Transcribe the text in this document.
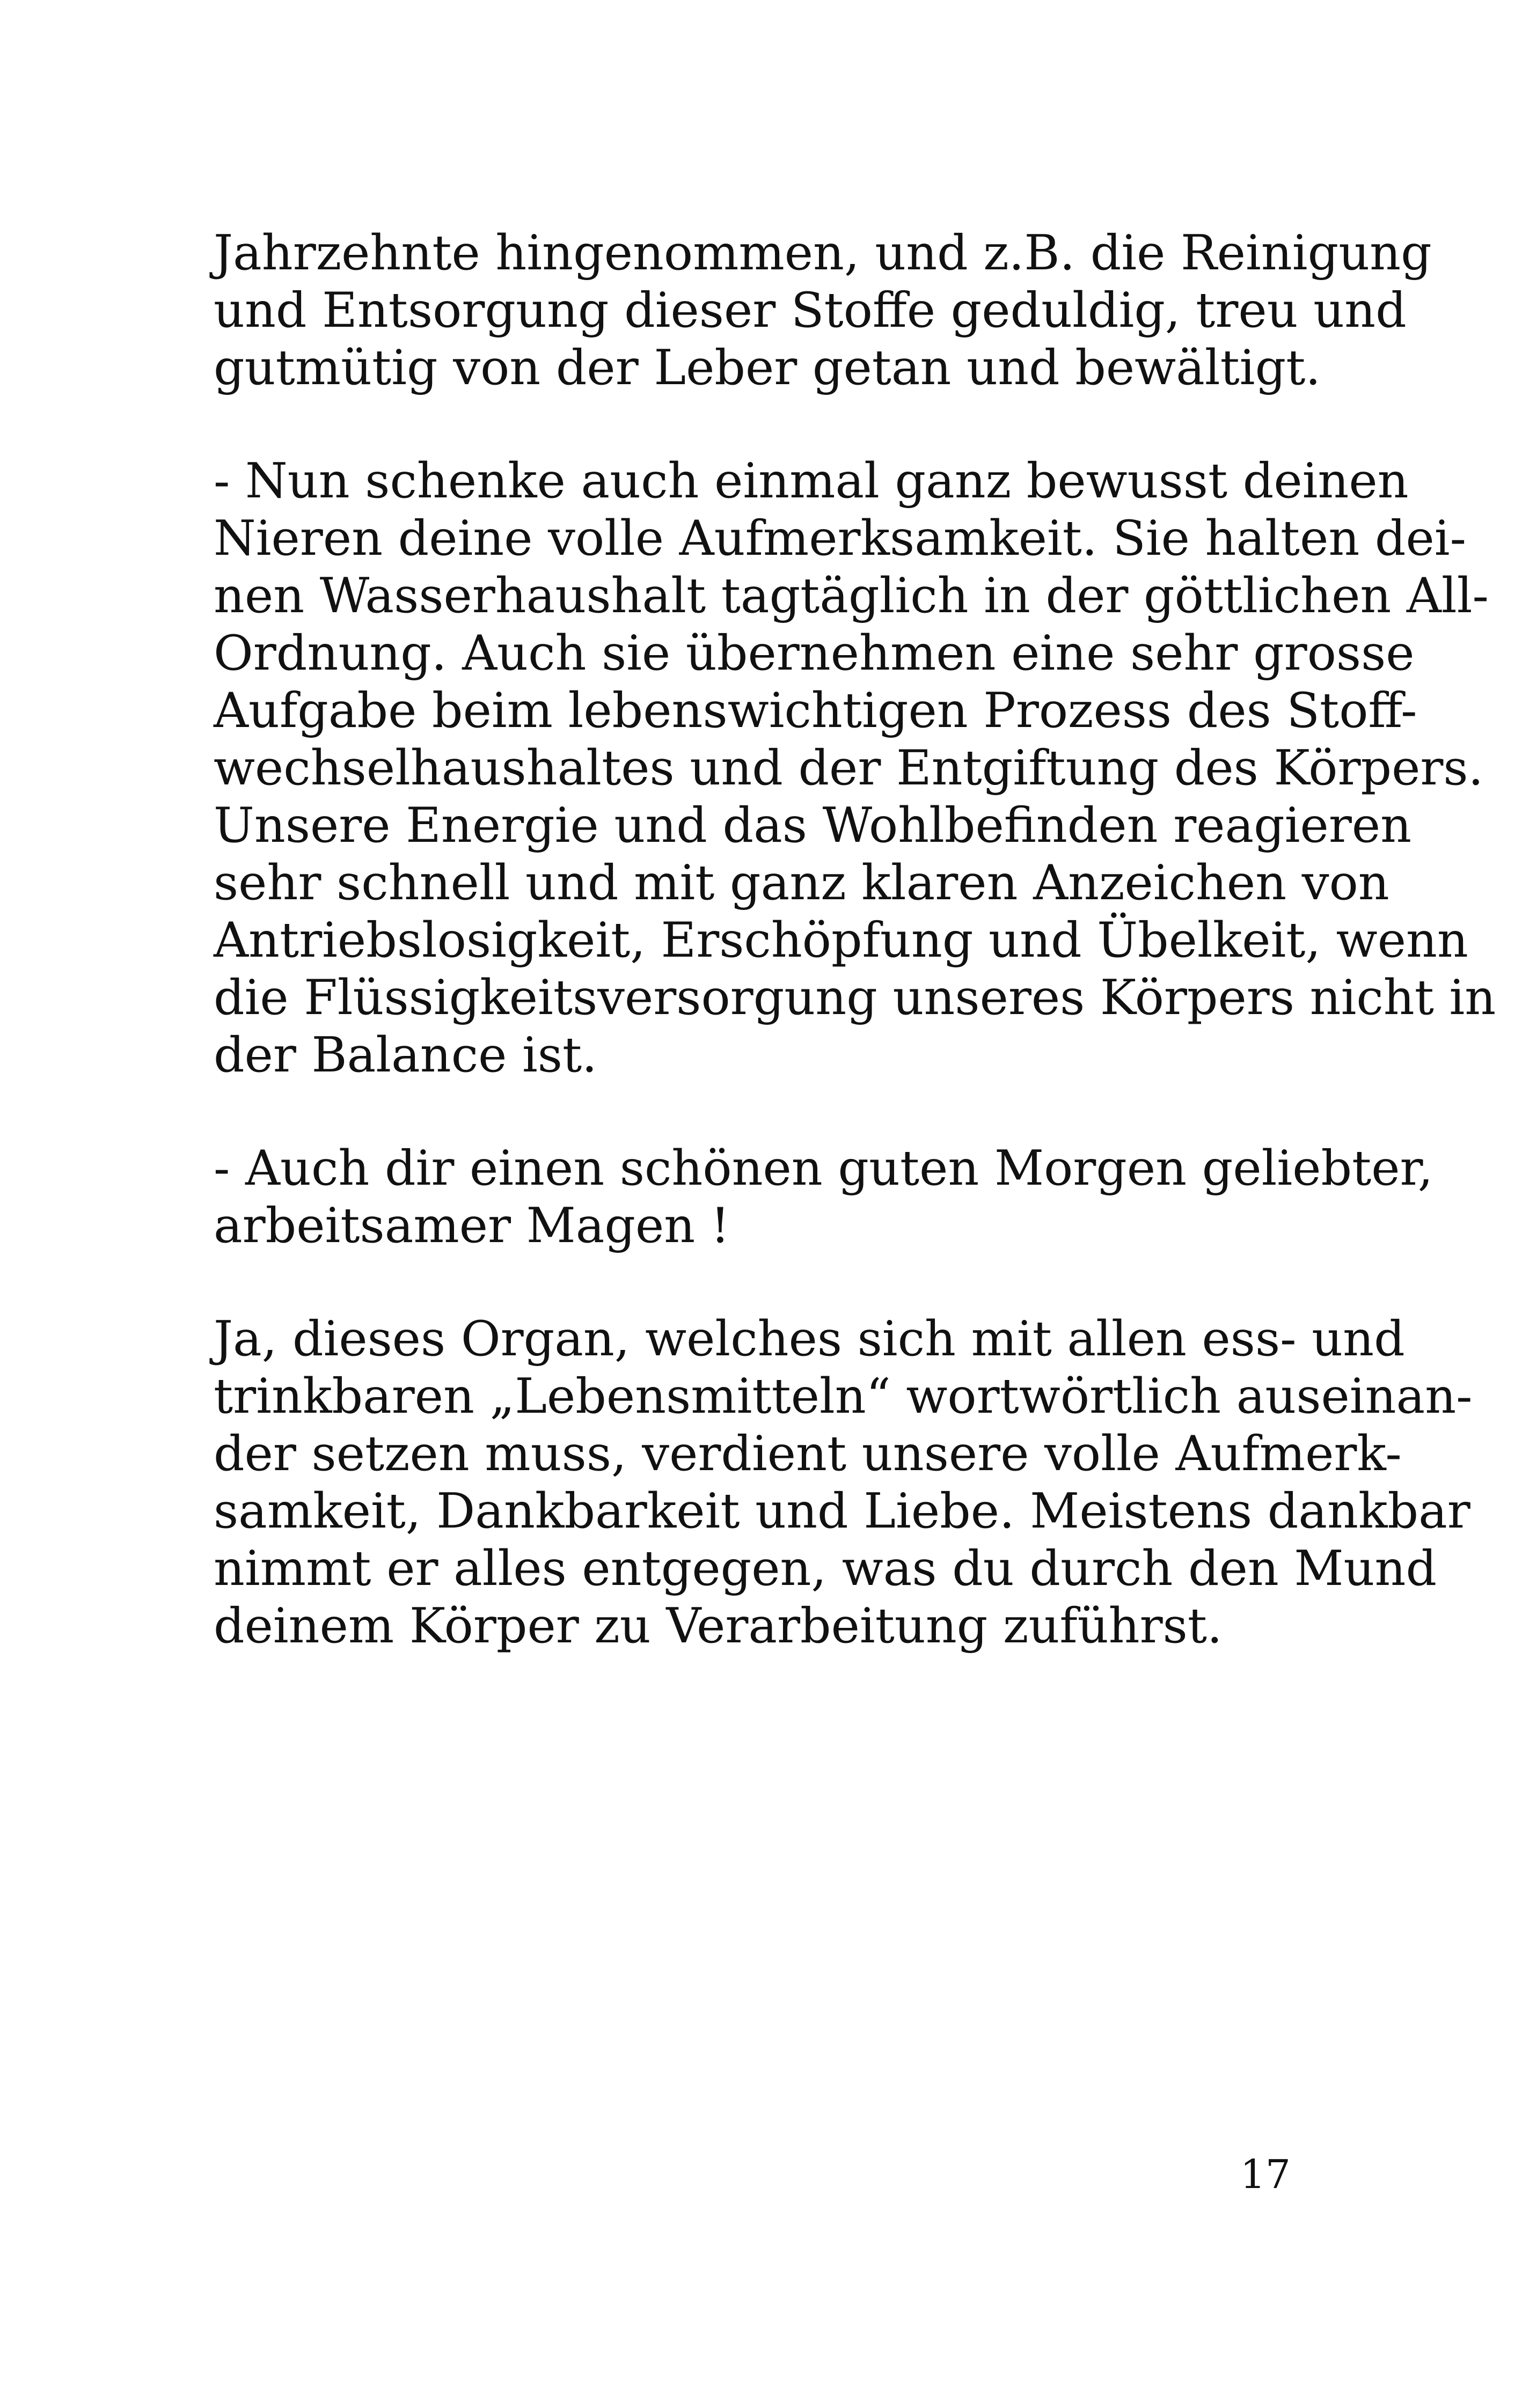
Jahrzehnte hingenommen, und z.B. die Reinigung
und Entsorgung dieser Stoffe geduldig, treu und
gutmütig von der Leber getan und bewältigt.

- Nun schenke auch einmal ganz bewusst deinen
Nieren deine volle Aufmerksamkeit. Sie halten dei-
nen Wasserhaushalt tagtäglich in der göttlichen All-
Ordnung. Auch sie übernehmen eine sehr grosse
Aufgabe beim lebenswichtigen Prozess des Stoff-
wechselhaushaltes und der Entgiftung des Körpers.
Unsere Energie und das Wohlbefinden reagieren
sehr schnell und mit ganz klaren Anzeichen von
Antriebslosigkeit, Erschöpfung und Übelkeit, wenn
die Flüssigkeitsversorgung unseres Körpers nicht in
der Balance ist.

- Auch dir einen schönen guten Morgen geliebter,
arbeitsamer Magen !

Ja, dieses Organ, welches sich mit allen ess- und
trinkbaren „Lebensmitteln“ wortwörtlich auseinan-
der setzen muss, verdient unsere volle Aufmerk-
samkeit, Dankbarkeit und Liebe. Meistens dankbar
nimmt er alles entgegen, was du durch den Mund
deinem Körper zu Verarbeitung zuführst.

17
